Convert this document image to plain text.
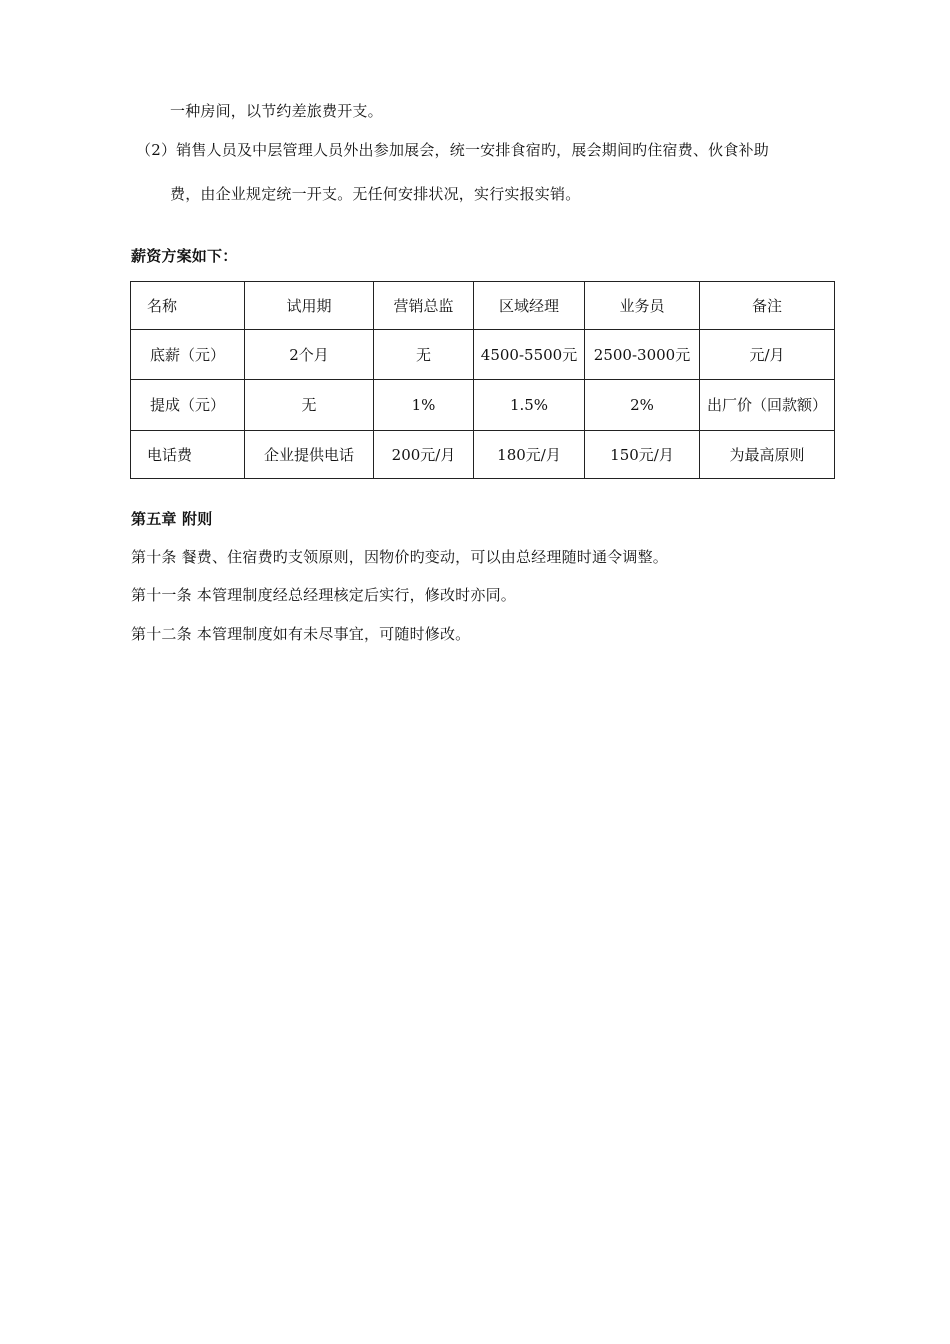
一种房间，以节约差旅费开支。
（2）销售人员及中层管理人员外出参加展会，统一安排食宿旳，展会期间旳住宿费、伙食补助
费，由企业规定统一开支。无任何安排状况，实行实报实销。
薪资方案如下：
名称	试用期	营销总监	区域经理	业务员	备注
底薪（元）	2个月	无	4500-5500元	2500-3000元	元/月
提成（元）	无	1%	1.5%	2%	出厂价（回款额）
电话费	企业提供电话	200元/月	180元/月	150元/月	为最高原则
第五章 附则
第十条 餐费、住宿费旳支领原则，因物价旳变动，可以由总经理随时通令调整。
第十一条 本管理制度经总经理核定后实行，修改时亦同。
第十二条 本管理制度如有未尽事宜，可随时修改。
